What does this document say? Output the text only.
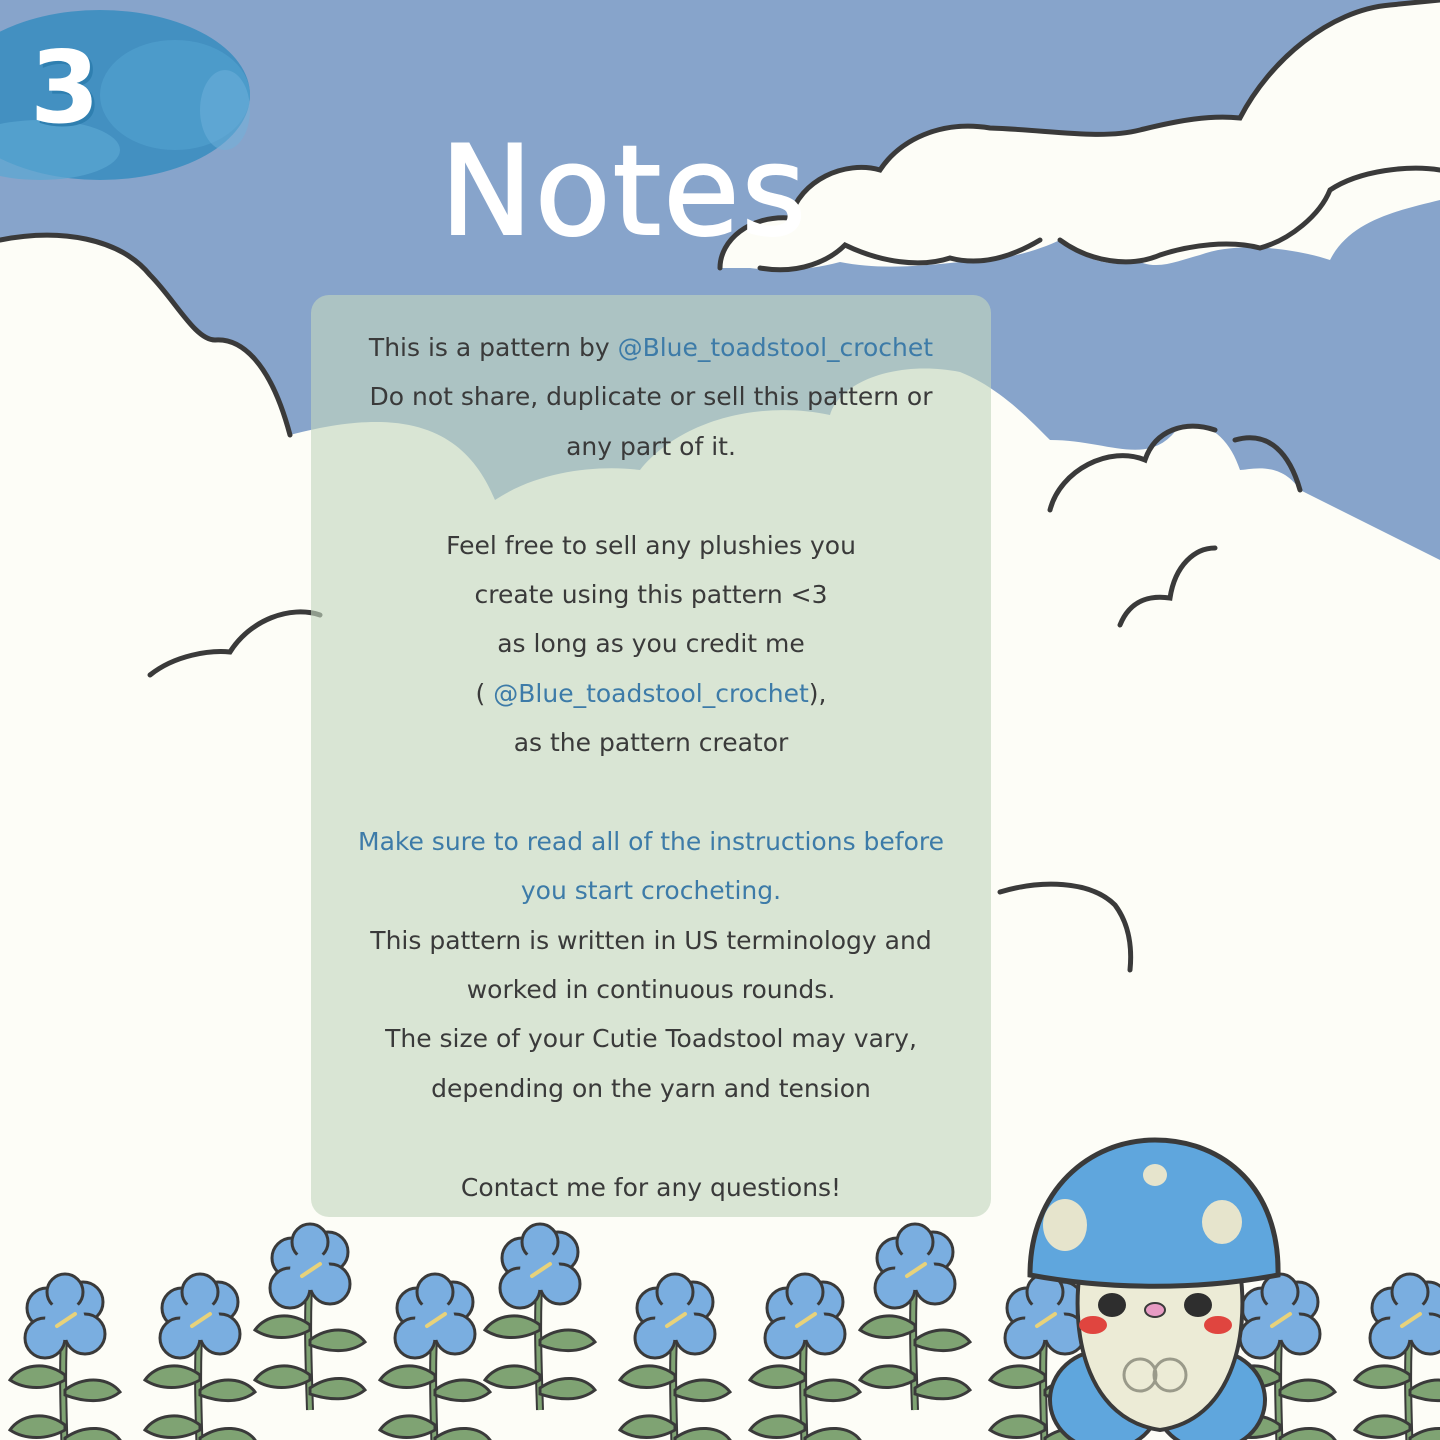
3
Notes
This is a pattern by @Blue_toadstool_crochet
Do not share, duplicate or sell this pattern or
any part of it.
Feel free to sell any plushies you
create using this pattern <3
as long as you credit me
( @Blue_toadstool_crochet),
as the pattern creator
Make sure to read all of the instructions before
you start crocheting.
This pattern is written in US terminology and
worked in continuous rounds.
The size of your Cutie Toadstool may vary,
depending on the yarn and tension
Contact me for any questions!
